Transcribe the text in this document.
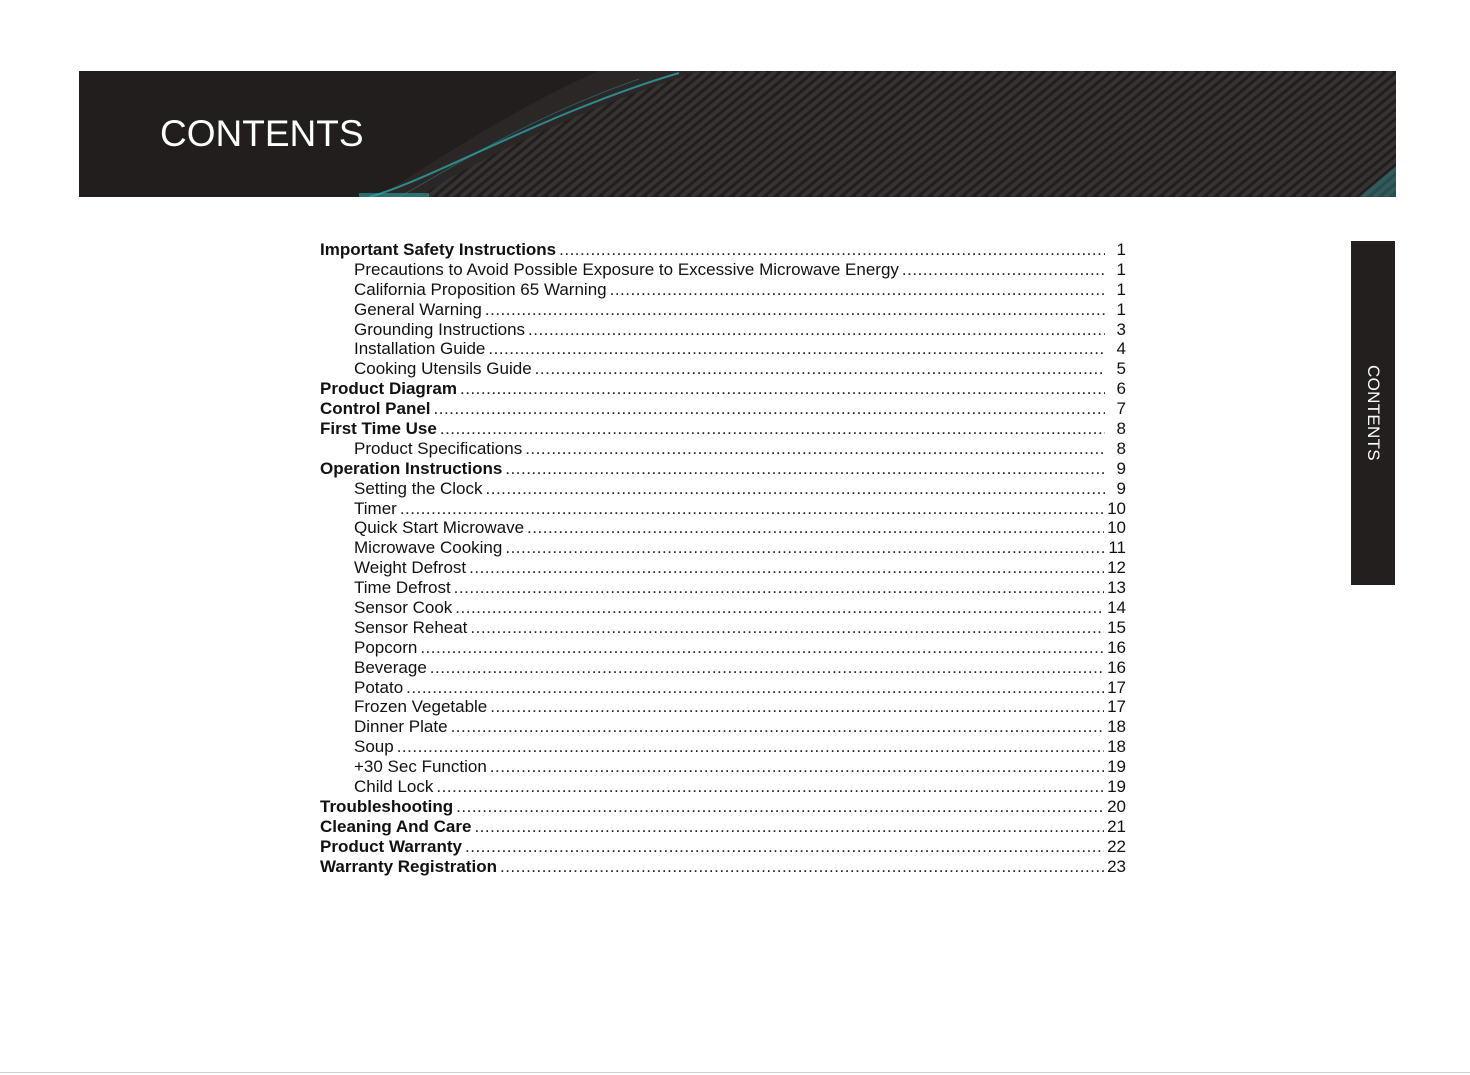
CONTENTS
Important Safety Instructions .....	1
Precautions to Avoid Possible Exposure to Excessive Microwave Energy .....	1
California Proposition 65 Warning .....	1
General Warning .....	1
Grounding Instructions .....	3
Installation Guide .....	4
Cooking Utensils Guide .....	5
Product Diagram .....	6
Control Panel .....	7
First Time Use .....	8
Product Specifications .....	8
Operation Instructions .....	9
Setting the Clock .....	9
Timer .....	10
Quick Start Microwave .....	10
Microwave Cooking .....	11
Weight Defrost .....	12
Time Defrost .....	13
Sensor Cook .....	14
Sensor Reheat .....	15
Popcorn .....	16
Beverage .....	16
Potato .....	17
Frozen Vegetable .....	17
Dinner Plate .....	18
Soup .....	18
+30 Sec Function .....	19
Child Lock .....	19
Troubleshooting .....	20
Cleaning And Care .....	21
Product Warranty .....	22
Warranty Registration .....	23
CONTENTS
